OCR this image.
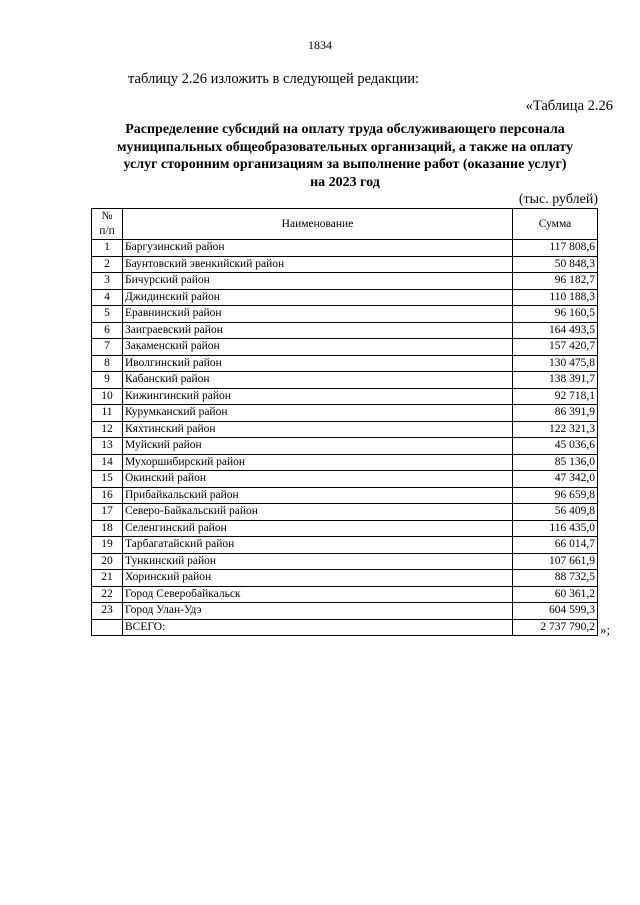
1834
таблицу 2.26 изложить в следующей редакции:
«Таблица 2.26
Распределение субсидий на оплату труда обслуживающего персонала
муниципальных общеобразовательных организаций, а также на оплату
услуг сторонним организациям за выполнение работ (оказание услуг)
на 2023 год
(тыс. рублей)
№
п/п	Наименование	Сумма
1	Баргузинский район	117 808,6
2	Баунтовский эвенкийский район	50 848,3
3	Бичурский район	96 182,7
4	Джидинский район	110 188,3
5	Еравнинский район	96 160,5
6	Заиграевский район	164 493,5
7	Закаменский район	157 420,7
8	Иволгинский район	130 475,8
9	Кабанский район	138 391,7
10	Кижингинский район	92 718,1
11	Курумканский район	86 391,9
12	Кяхтинский район	122 321,3
13	Муйский район	45 036,6
14	Мухоршибирский район	85 136,0
15	Окинский район	47 342,0
16	Прибайкальский район	96 659,8
17	Северо-Байкальский район	56 409,8
18	Селенгинский район	116 435,0
19	Тарбагатайский район	66 014,7
20	Тункинский район	107 661,9
21	Хоринский район	88 732,5
22	Город Северобайкальск	60 361,2
23	Город Улан-Удэ	604 599,3
	ВСЕГО:	2 737 790,2 »;
